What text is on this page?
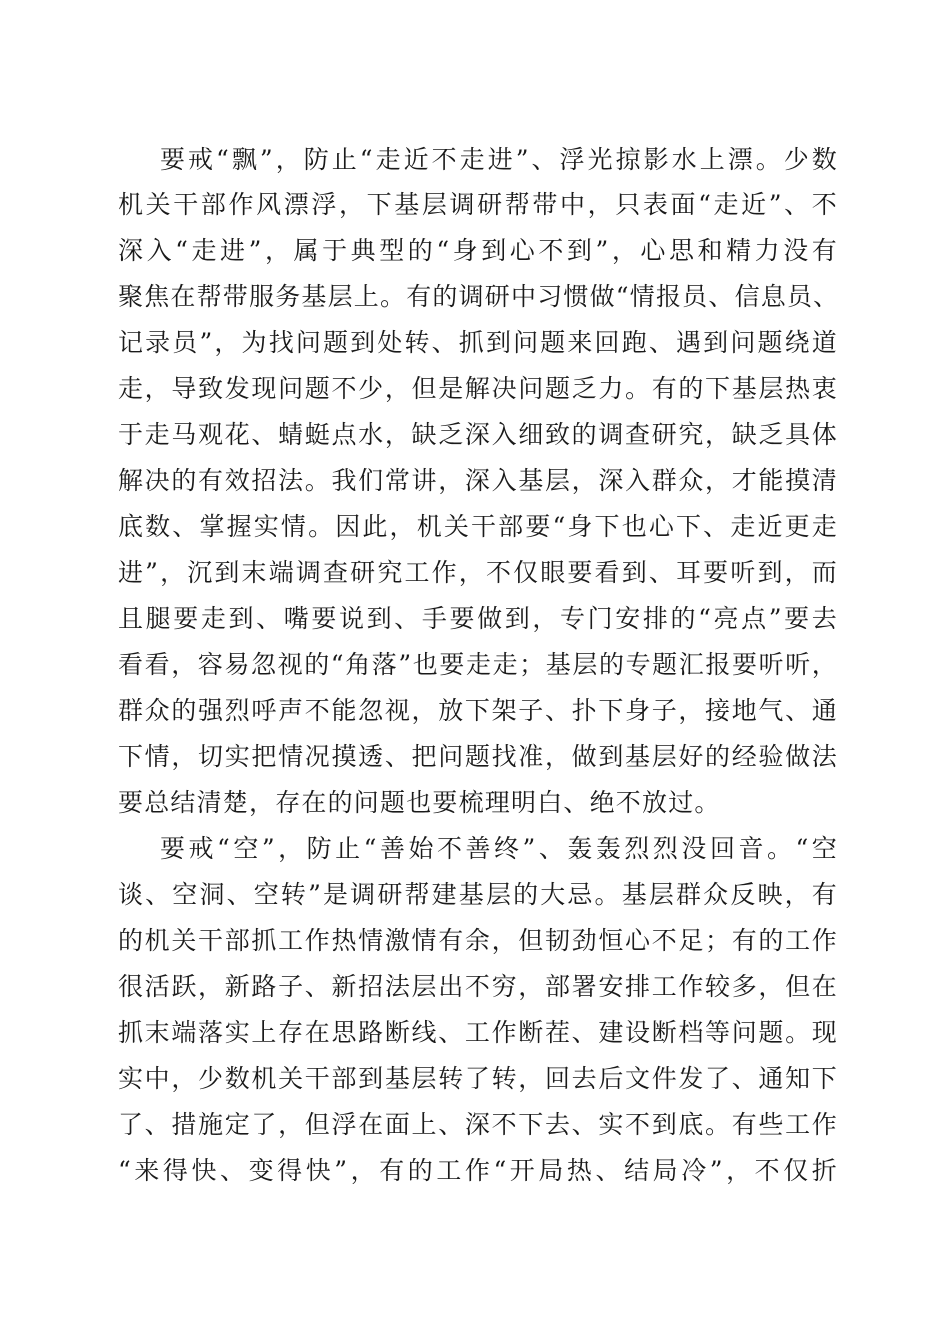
要戒“飘”，防止“走近不走进”、浮光掠影水上漂。少数

机关干部作风漂浮，下基层调研帮带中，只表面“走近”、不

深入“走进”，属于典型的“身到心不到”，心思和精力没有

聚焦在帮带服务基层上。有的调研中习惯做“情报员、信息员、

记录员”，为找问题到处转、抓到问题来回跑、遇到问题绕道

走，导致发现问题不少，但是解决问题乏力。有的下基层热衷

于走马观花、蜻蜓点水，缺乏深入细致的调查研究，缺乏具体

解决的有效招法。我们常讲，深入基层，深入群众，才能摸清

底数、掌握实情。因此，机关干部要“身下也心下、走近更走

进”，沉到末端调查研究工作，不仅眼要看到、耳要听到，而

且腿要走到、嘴要说到、手要做到，专门安排的“亮点”要去

看看，容易忽视的“角落”也要走走；基层的专题汇报要听听，

群众的强烈呼声不能忽视，放下架子、扑下身子，接地气、通

下情，切实把情况摸透、把问题找准，做到基层好的经验做法

要总结清楚，存在的问题也要梳理明白、绝不放过。

要戒“空”，防止“善始不善终”、轰轰烈烈没回音。“空

谈、空洞、空转”是调研帮建基层的大忌。基层群众反映，有

的机关干部抓工作热情激情有余，但韧劲恒心不足；有的工作

很活跃，新路子、新招法层出不穷，部署安排工作较多，但在

抓末端落实上存在思路断线、工作断茬、建设断档等问题。现

实中，少数机关干部到基层转了转，回去后文件发了、通知下

了、措施定了，但浮在面上、深不下去、实不到底。有些工作

“来得快、变得快”，有的工作“开局热、结局冷”，不仅折
